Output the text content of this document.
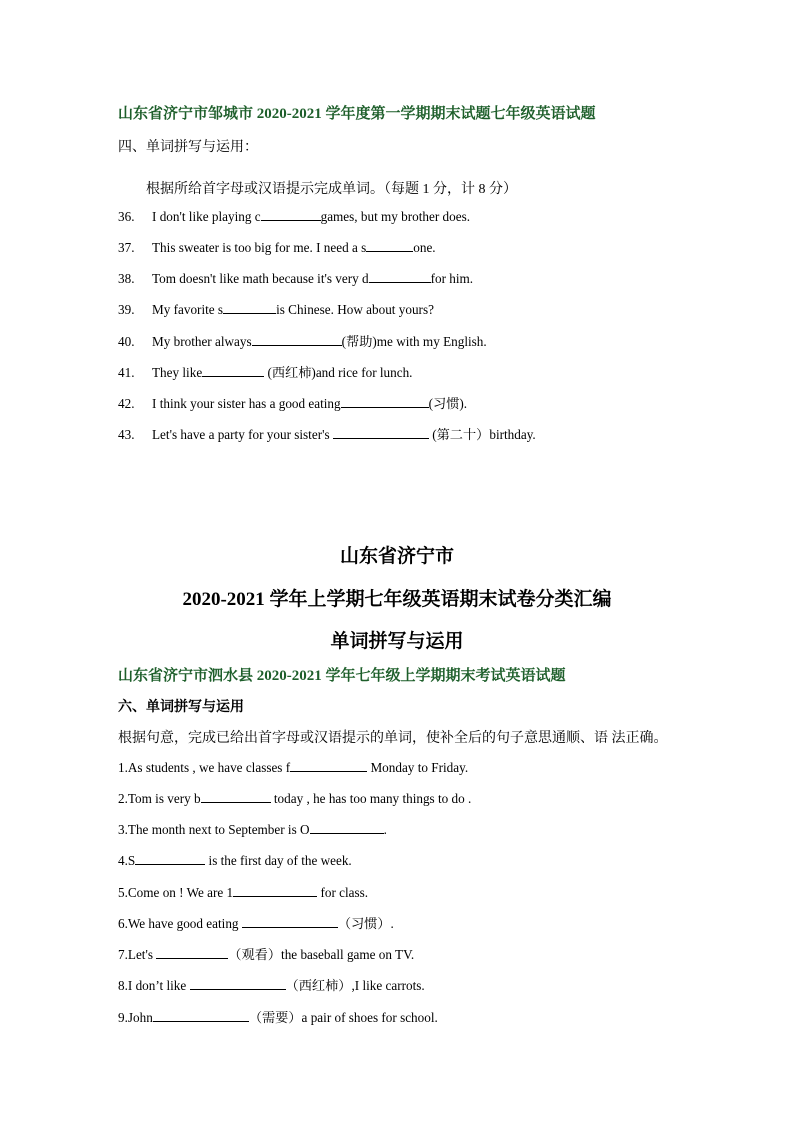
山东省济宁市邹城市 2020-2021 学年度第一学期期末试题七年级英语试题
四、单词拼写与运用：
根据所给首字母或汉语提示完成单词。（每题 1 分，计 8 分）
36. I don't like playing c	games, but my brother does.
37. This sweater is too big for me. I need a s	one.
38. Tom doesn't like math because it's very d	for him.
39. My favorite s	is Chinese. How about yours?
40. My brother always	(帮助)me with my English.
41. They like	(西红柿)and rice for lunch.
42. I think your sister has a good eating	(习惯).
43. Let's have a party for your sister's	(第二十）birthday.
山东省济宁市
2020-2021 学年上学期七年级英语期末试卷分类汇编
单词拼写与运用
山东省济宁市泗水县 2020-2021 学年七年级上学期期末考试英语试题
六、单词拼写与运用
根据句意，完成已给出首字母或汉语提示的单词，使补全后的句子意思通顺、语 法正确。
1.As students , we have classes f	Monday to Friday.
2.Tom is very b	today , he has too many things to do .
3.The month next to September is O	.
4.S	is the first day of the week.
5.Come on ! We are 1	for class.
6.We have good eating	（习惯）.
7.Let's	（观看）the baseball game on TV.
8.I don’t like	（西红柿）,I like carrots.
9.John	（需要）a pair of shoes for school.
